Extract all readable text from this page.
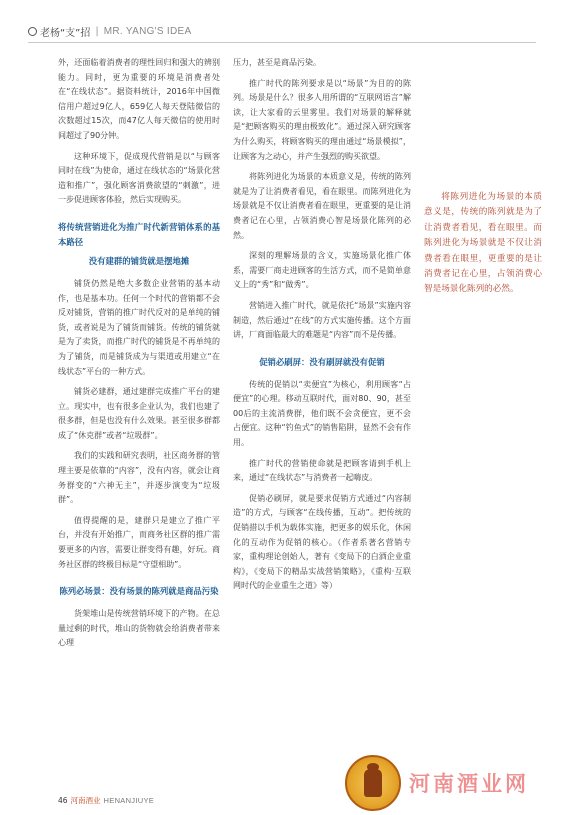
老杨“支”招 | MR. YANG'S IDEA

外，还面临着消费者的理性回归和强大的辨别能力。同时，更为重要的环境是消费者处在“在线状态”。据资料统计，2016年中国微信用户超过9亿人，659亿人每天登陆微信的次数超过15次，而47亿人每天微信的使用时间超过了90分钟。

这种环境下，促成现代营销是以“与顾客同时在线”为使命，通过在线状态的“场景化营造和推广”，强化顾客消费欲望的“刺激”，进一步促进顾客体验，然后实现购买。

将传统营销进化为推广时代新营销体系的基本路径
没有建群的铺货就是摆地摊

铺货仍然是绝大多数企业营销的基本动作，也是基本功。任何一个时代的营销都不会反对铺货，营销的推广时代反对的是单纯的铺货，或者说是为了铺货而铺货。传统的铺货就是为了卖货，而推广时代的铺货是不再单纯的为了铺货，而是铺货成为与渠道或用建立“在线状态”平台的一种方式。

铺货必建群，通过建群完成推广平台的建立。现实中，也有很多企业认为，我们也建了很多群，但是也没有什么效果。甚至很多群都成了“休克群”或者“垃圾群”。

我们的实践和研究表明，社区商务群的管理主要是依靠的“内容”，没有内容，就会让商务群变的“六神无主”，并逐步演变为“垃圾群”。

值得提醒的是，建群只是建立了推广平台，并没有开始推广，而商务社区群的推广需要更多的内容，需要让群变得有趣，好玩。商务社区群的终极目标是“守望相助”。

陈列必场景：没有场景的陈列就是商品污染

货架堆山是传统营销环境下的产物。在总量过剩的时代，堆山的货物就会给消费者带来心理

压力，甚至是商品污染。

推广时代的陈列要求是以“场景”为目的的陈列。场景是什么？很多人用所谓的“互联网语言”解读，让大家看的云里雾里。我们对场景的解释就是“把顾客购买的理由极致化”。通过深入研究顾客为什么购买，将顾客购买的理由通过“场景模拟”，让顾客为之动心，并产生强烈的购买欲望。

将陈列进化为场景的本质意义是，传统的陈列就是为了让消费者看见，看在眼里。而陈列进化为场景就是不仅让消费者看在眼里，更重要的是让消费者记在心里，占领消费心智是场景化陈列的必然。

深刻的理解场景的含义，实施场景化推广体系，需要厂商走进顾客的生活方式，而不是简单意义上的“秀”和“做秀”。

营销进入推广时代，就是依托“场景”实施内容制造，然后通过“在线”的方式实施传播。这个方面讲，厂商面临最大的难题是“内容”而不是传播。

促销必刷屏：没有刷屏就没有促销

传统的促销以“卖便宜”为核心，利用顾客“占便宜”的心理。移动互联时代，面对80、90，甚至00后的主流消费群，他们既不会贪便宜，更不会占便宜。这种“钓鱼式”的销售陷阱，显然不会有作用。

推广时代的营销使命就是把顾客请到手机上来，通过“在线状态”与消费者一起嗨皮。

促销必刷屏，就是要求促销方式通过“内容制造”的方式，与顾客“在线传播，互动”。把传统的促销措以手机为载体实施，把更多的娱乐化，休闲化的互动作为促销的核心。（作者系著名营销专家，重构理论创始人，著有《变局下的白酒企业重构》，《变局下的精品实战营销策略》，《重构·互联网时代的企业重生之道》等）

将陈列进化为场景的本质意义是，传统的陈列就是为了让消费者看见，看在眼里。而陈列进化为场景就是不仅让消费者看在眼里，更重要的是让消费者记在心里，占领消费心智是场景化陈列的必然。
46 河南酒业 HENANJIUYE
河南酒业网
